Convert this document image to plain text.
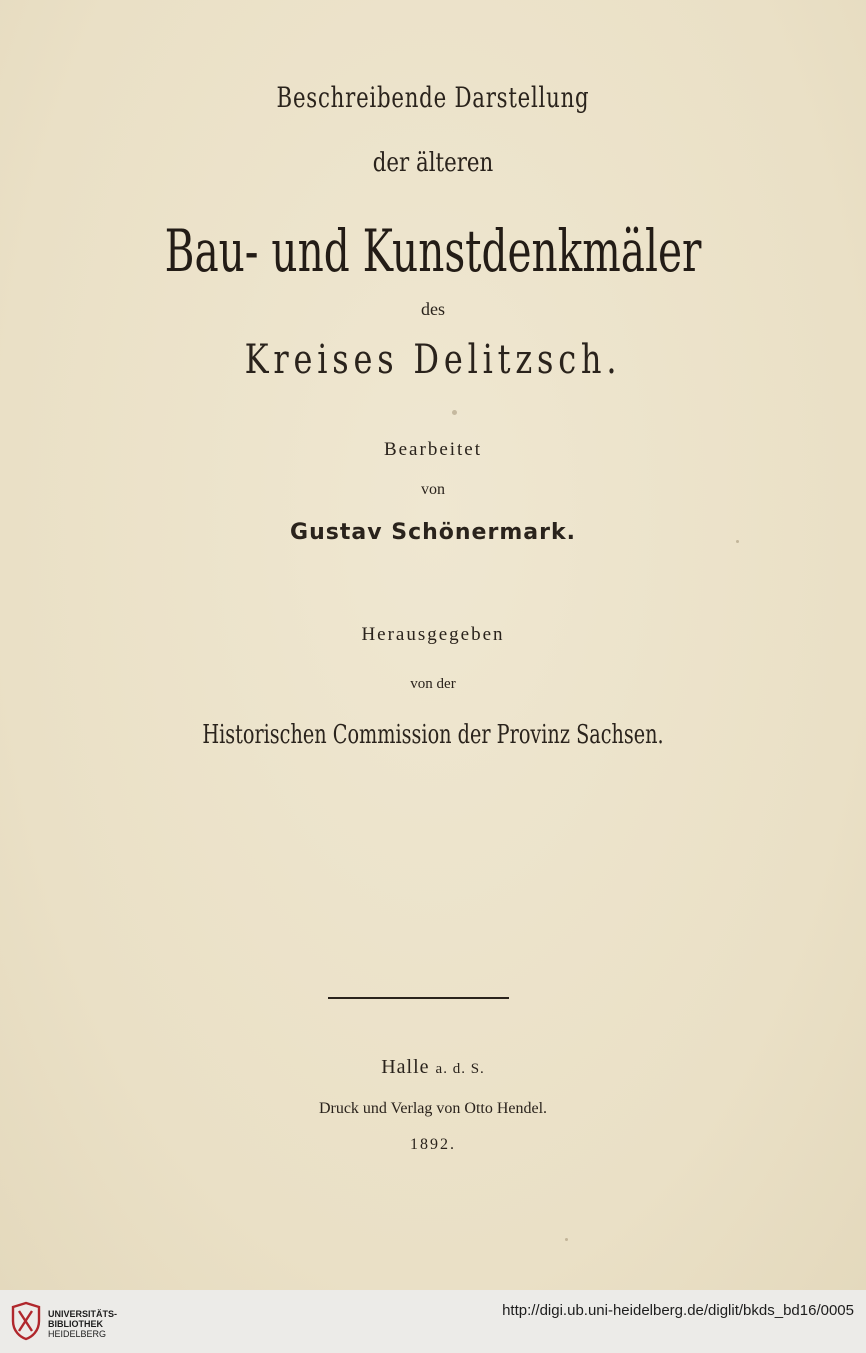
Beschreibende Darstellung
der älteren
Bau- und Kunstdenkmäler
des
Kreises Delitzsch.
Bearbeitet
von
Gustav Schönermark.
Herausgegeben
von der
Historischen Commission der Provinz Sachsen.
Halle a. d. S.
Druck und Verlag von Otto Hendel.
1892.
UNIVERSITÄTS-
BIBLIOTHEK
HEIDELBERG
http://digi.ub.uni-heidelberg.de/diglit/bkds_bd16/0005
